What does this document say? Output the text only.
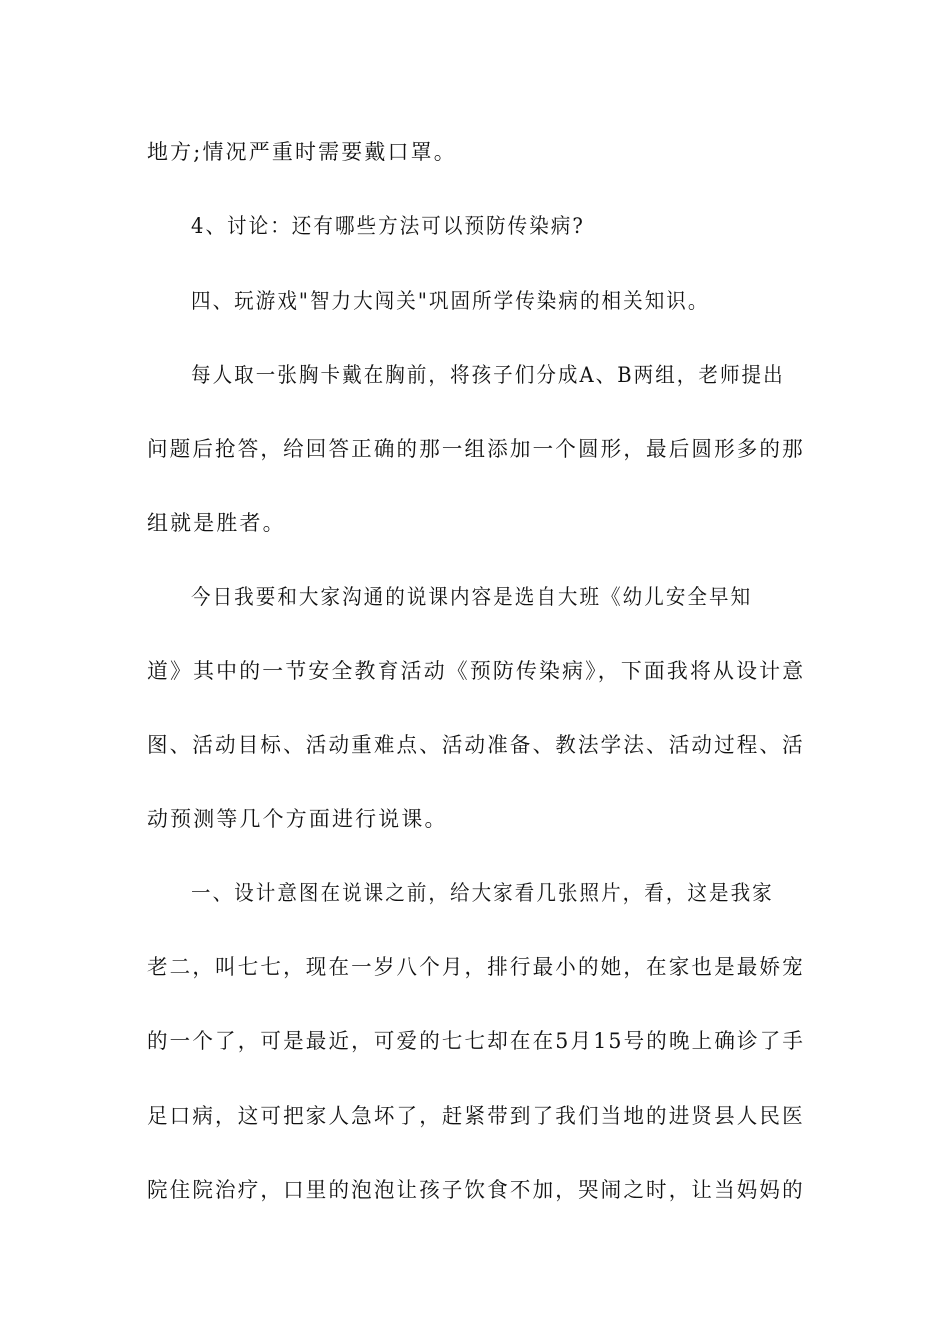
地方;情况严重时需要戴口罩。
4、讨论：还有哪些方法可以预防传染病?
四、玩游戏"智力大闯关"巩固所学传染病的相关知识。
每人取一张胸卡戴在胸前，将孩子们分成A、B两组，老师提出
问题后抢答，给回答正确的那一组添加一个圆形，最后圆形多的那
组就是胜者。
今日我要和大家沟通的说课内容是选自大班《幼儿安全早知
道》其中的一节安全教育活动《预防传染病》，下面我将从设计意
图、活动目标、活动重难点、活动准备、教法学法、活动过程、活
动预测等几个方面进行说课。
一、设计意图在说课之前，给大家看几张照片，看，这是我家
老二，叫七七，现在一岁八个月，排行最小的她，在家也是最娇宠
的一个了，可是最近，可爱的七七却在在5月15号的晚上确诊了手
足口病，这可把家人急坏了，赶紧带到了我们当地的进贤县人民医
院住院治疗，口里的泡泡让孩子饮食不加，哭闹之时，让当妈妈的
